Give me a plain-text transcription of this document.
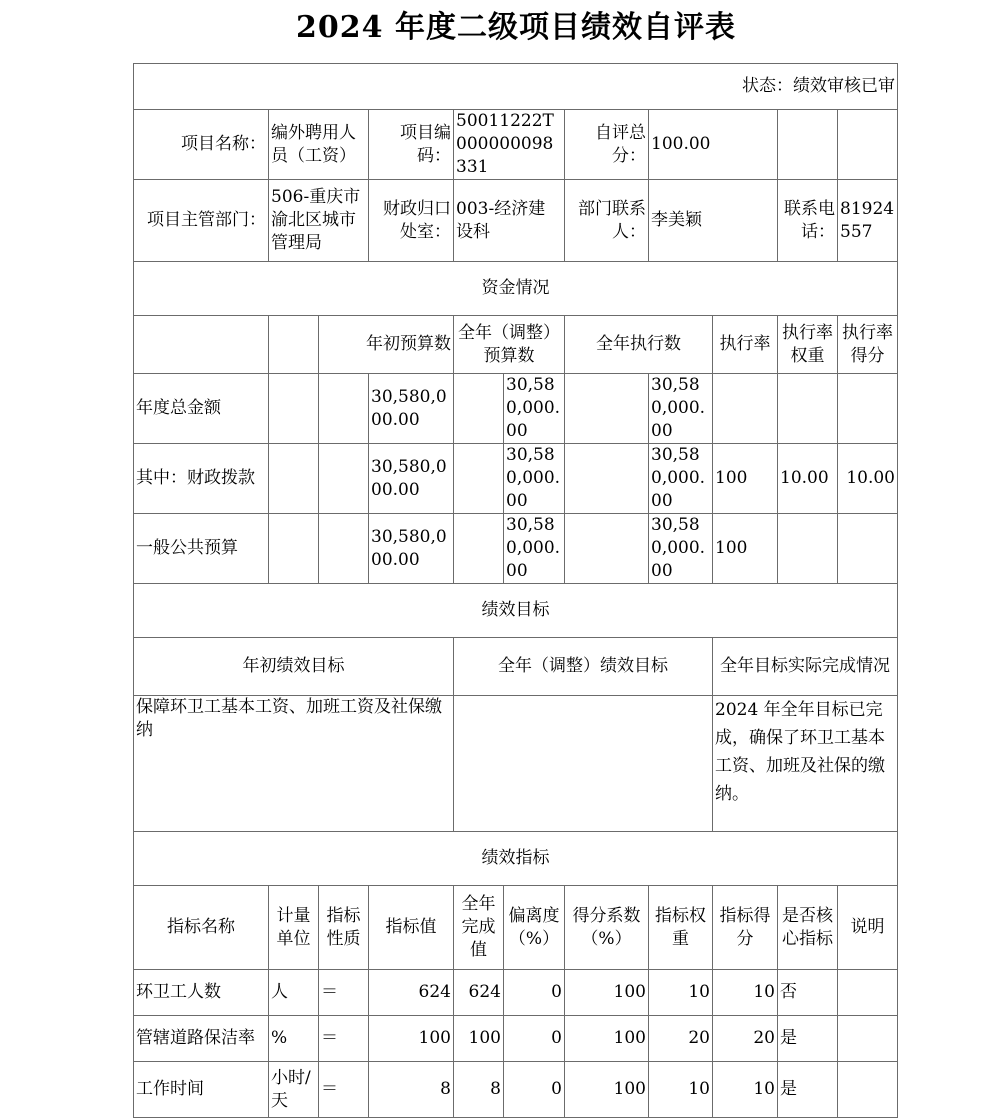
2024 年度二级项目绩效自评表
状态：绩效审核已审										
项目名称：	编外聘用人员（工资）		项目编码：	50011222T000000098331		自评总分：	100.00			
项目主管部门：	506-重庆市渝北区城市管理局		财政归口处室：	003-经济建设科		部门联系人：	李美颖		联系电话：	81924557
资金情况										
		年初预算数		全年（调整）预算数		全年执行数		执行率	执行率权重	执行率得分
年度总金额			30,580,000.00		30,580,000.00		30,580,000.00			
其中：财政拨款			30,580,000.00		30,580,000.00		30,580,000.00	100	10.00	10.00
一般公共预算			30,580,000.00		30,580,000.00		30,580,000.00	100		
绩效目标										
年初绩效目标				全年（调整）绩效目标				全年目标实际完成情况		
保障环卫工基本工资、加班工资及社保缴纳								2024 年全年目标已完成，确保了环卫工基本工资、加班及社保的缴纳。		
绩效指标										
指标名称	计量单位	指标性质	指标值	全年完成值	偏离度（%）	得分系数（%）	指标权重	指标得分	是否核心指标	说明
环卫工人数	人	＝	624	624	0	100	10	10	否	
管辖道路保洁率	%	＝	100	100	0	100	20	20	是	
工作时间	小时/天	＝	8	8	0	100	10	10	是	
